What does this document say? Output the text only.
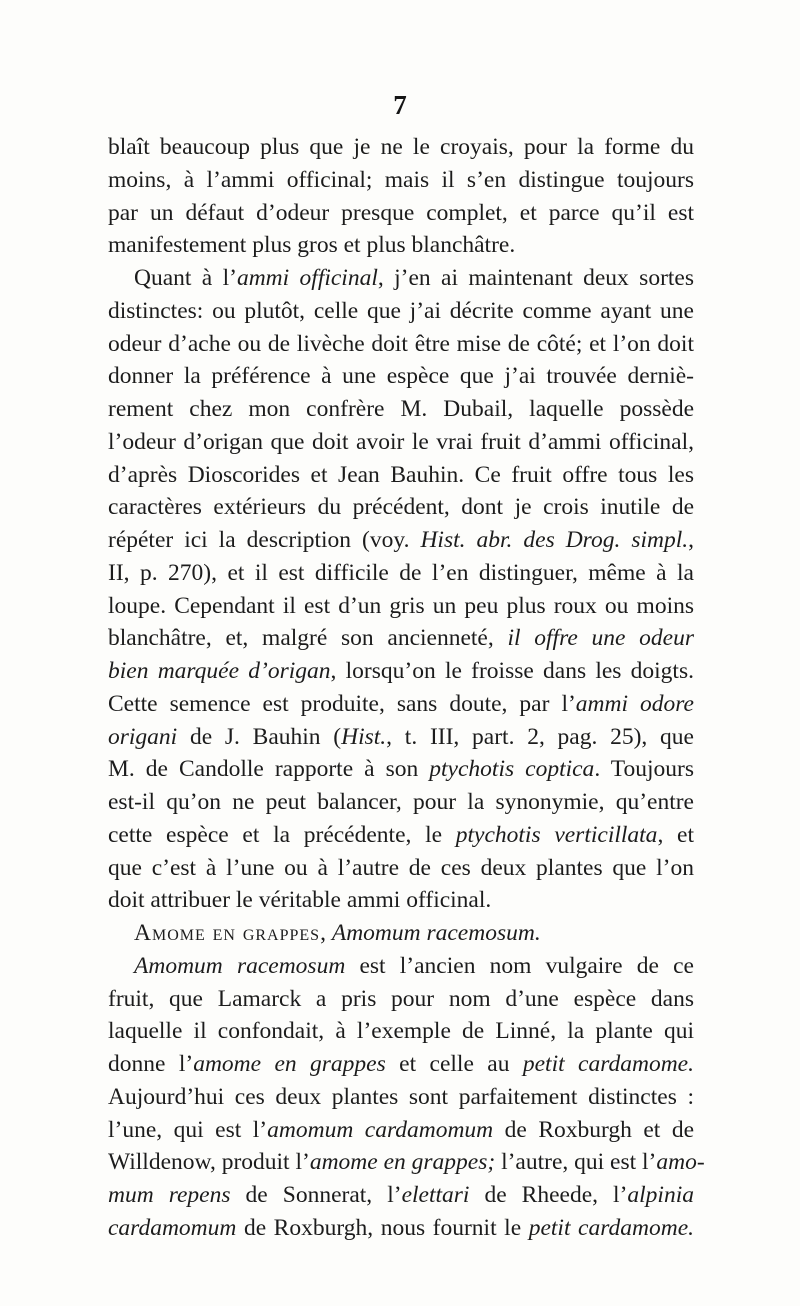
7
blaît beaucoup plus que je ne le croyais, pour la forme du
moins, à l’ammi officinal; mais il s’en distingue toujours
par un défaut d’odeur presque complet, et parce qu’il est
manifestement plus gros et plus blanchâtre.
Quant à l’ammi officinal, j’en ai maintenant deux sortes
distinctes: ou plutôt, celle que j’ai décrite comme ayant une
odeur d’ache ou de livèche doit être mise de côté; et l’on doit
donner la préférence à une espèce que j’ai trouvée derniè-
rement chez mon confrère M. Dubail, laquelle possède
l’odeur d’origan que doit avoir le vrai fruit d’ammi officinal,
d’après Dioscorides et Jean Bauhin. Ce fruit offre tous les
caractères extérieurs du précédent, dont je crois inutile de
répéter ici la description (voy. Hist. abr. des Drog. simpl.,
II, p. 270), et il est difficile de l’en distinguer, même à la
loupe. Cependant il est d’un gris un peu plus roux ou moins
blanchâtre, et, malgré son ancienneté, il offre une odeur
bien marquée d’origan, lorsqu’on le froisse dans les doigts.
Cette semence est produite, sans doute, par l’ammi odore
origani de J. Bauhin (Hist., t. III, part. 2, pag. 25), que
M. de Candolle rapporte à son ptychotis coptica. Toujours
est-il qu’on ne peut balancer, pour la synonymie, qu’entre
cette espèce et la précédente, le ptychotis verticillata, et
que c’est à l’une ou à l’autre de ces deux plantes que l’on
doit attribuer le véritable ammi officinal.
Amome en grappes, Amomum racemosum.
Amomum racemosum est l’ancien nom vulgaire de ce
fruit, que Lamarck a pris pour nom d’une espèce dans
laquelle il confondait, à l’exemple de Linné, la plante qui
donne l’amome en grappes et celle au petit cardamome.
Aujourd’hui ces deux plantes sont parfaitement distinctes :
l’une, qui est l’amomum cardamomum de Roxburgh et de
Willdenow, produit l’amome en grappes; l’autre, qui est l’amo-
mum repens de Sonnerat, l’elettari de Rheede, l’alpinia
cardamomum de Roxburgh, nous fournit le petit cardamome.
